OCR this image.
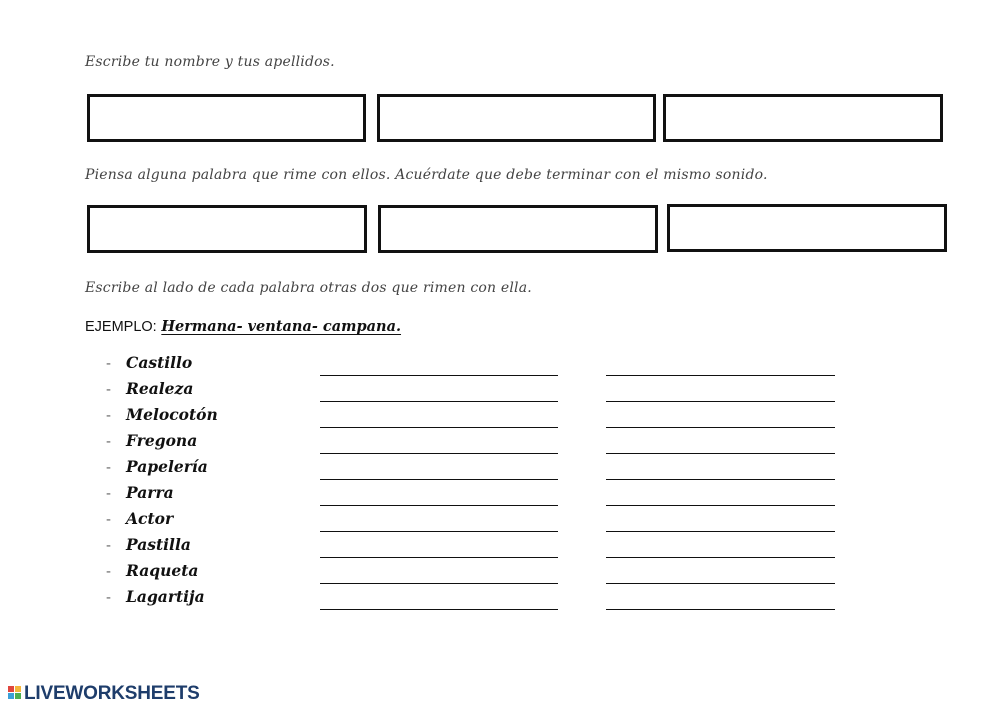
Escribe tu nombre y tus apellidos.
Piensa alguna palabra que rime con ellos. Acuérdate que debe terminar con el mismo sonido.
Escribe al lado de cada palabra otras dos que rimen con ella.
EJEMPLO: Hermana- ventana- campana.
- Castillo
- Realeza
- Melocotón
- Fregona
- Papelería
- Parra
- Actor
- Pastilla
- Raqueta
- Lagartija
LIVEWORKSHEETS
